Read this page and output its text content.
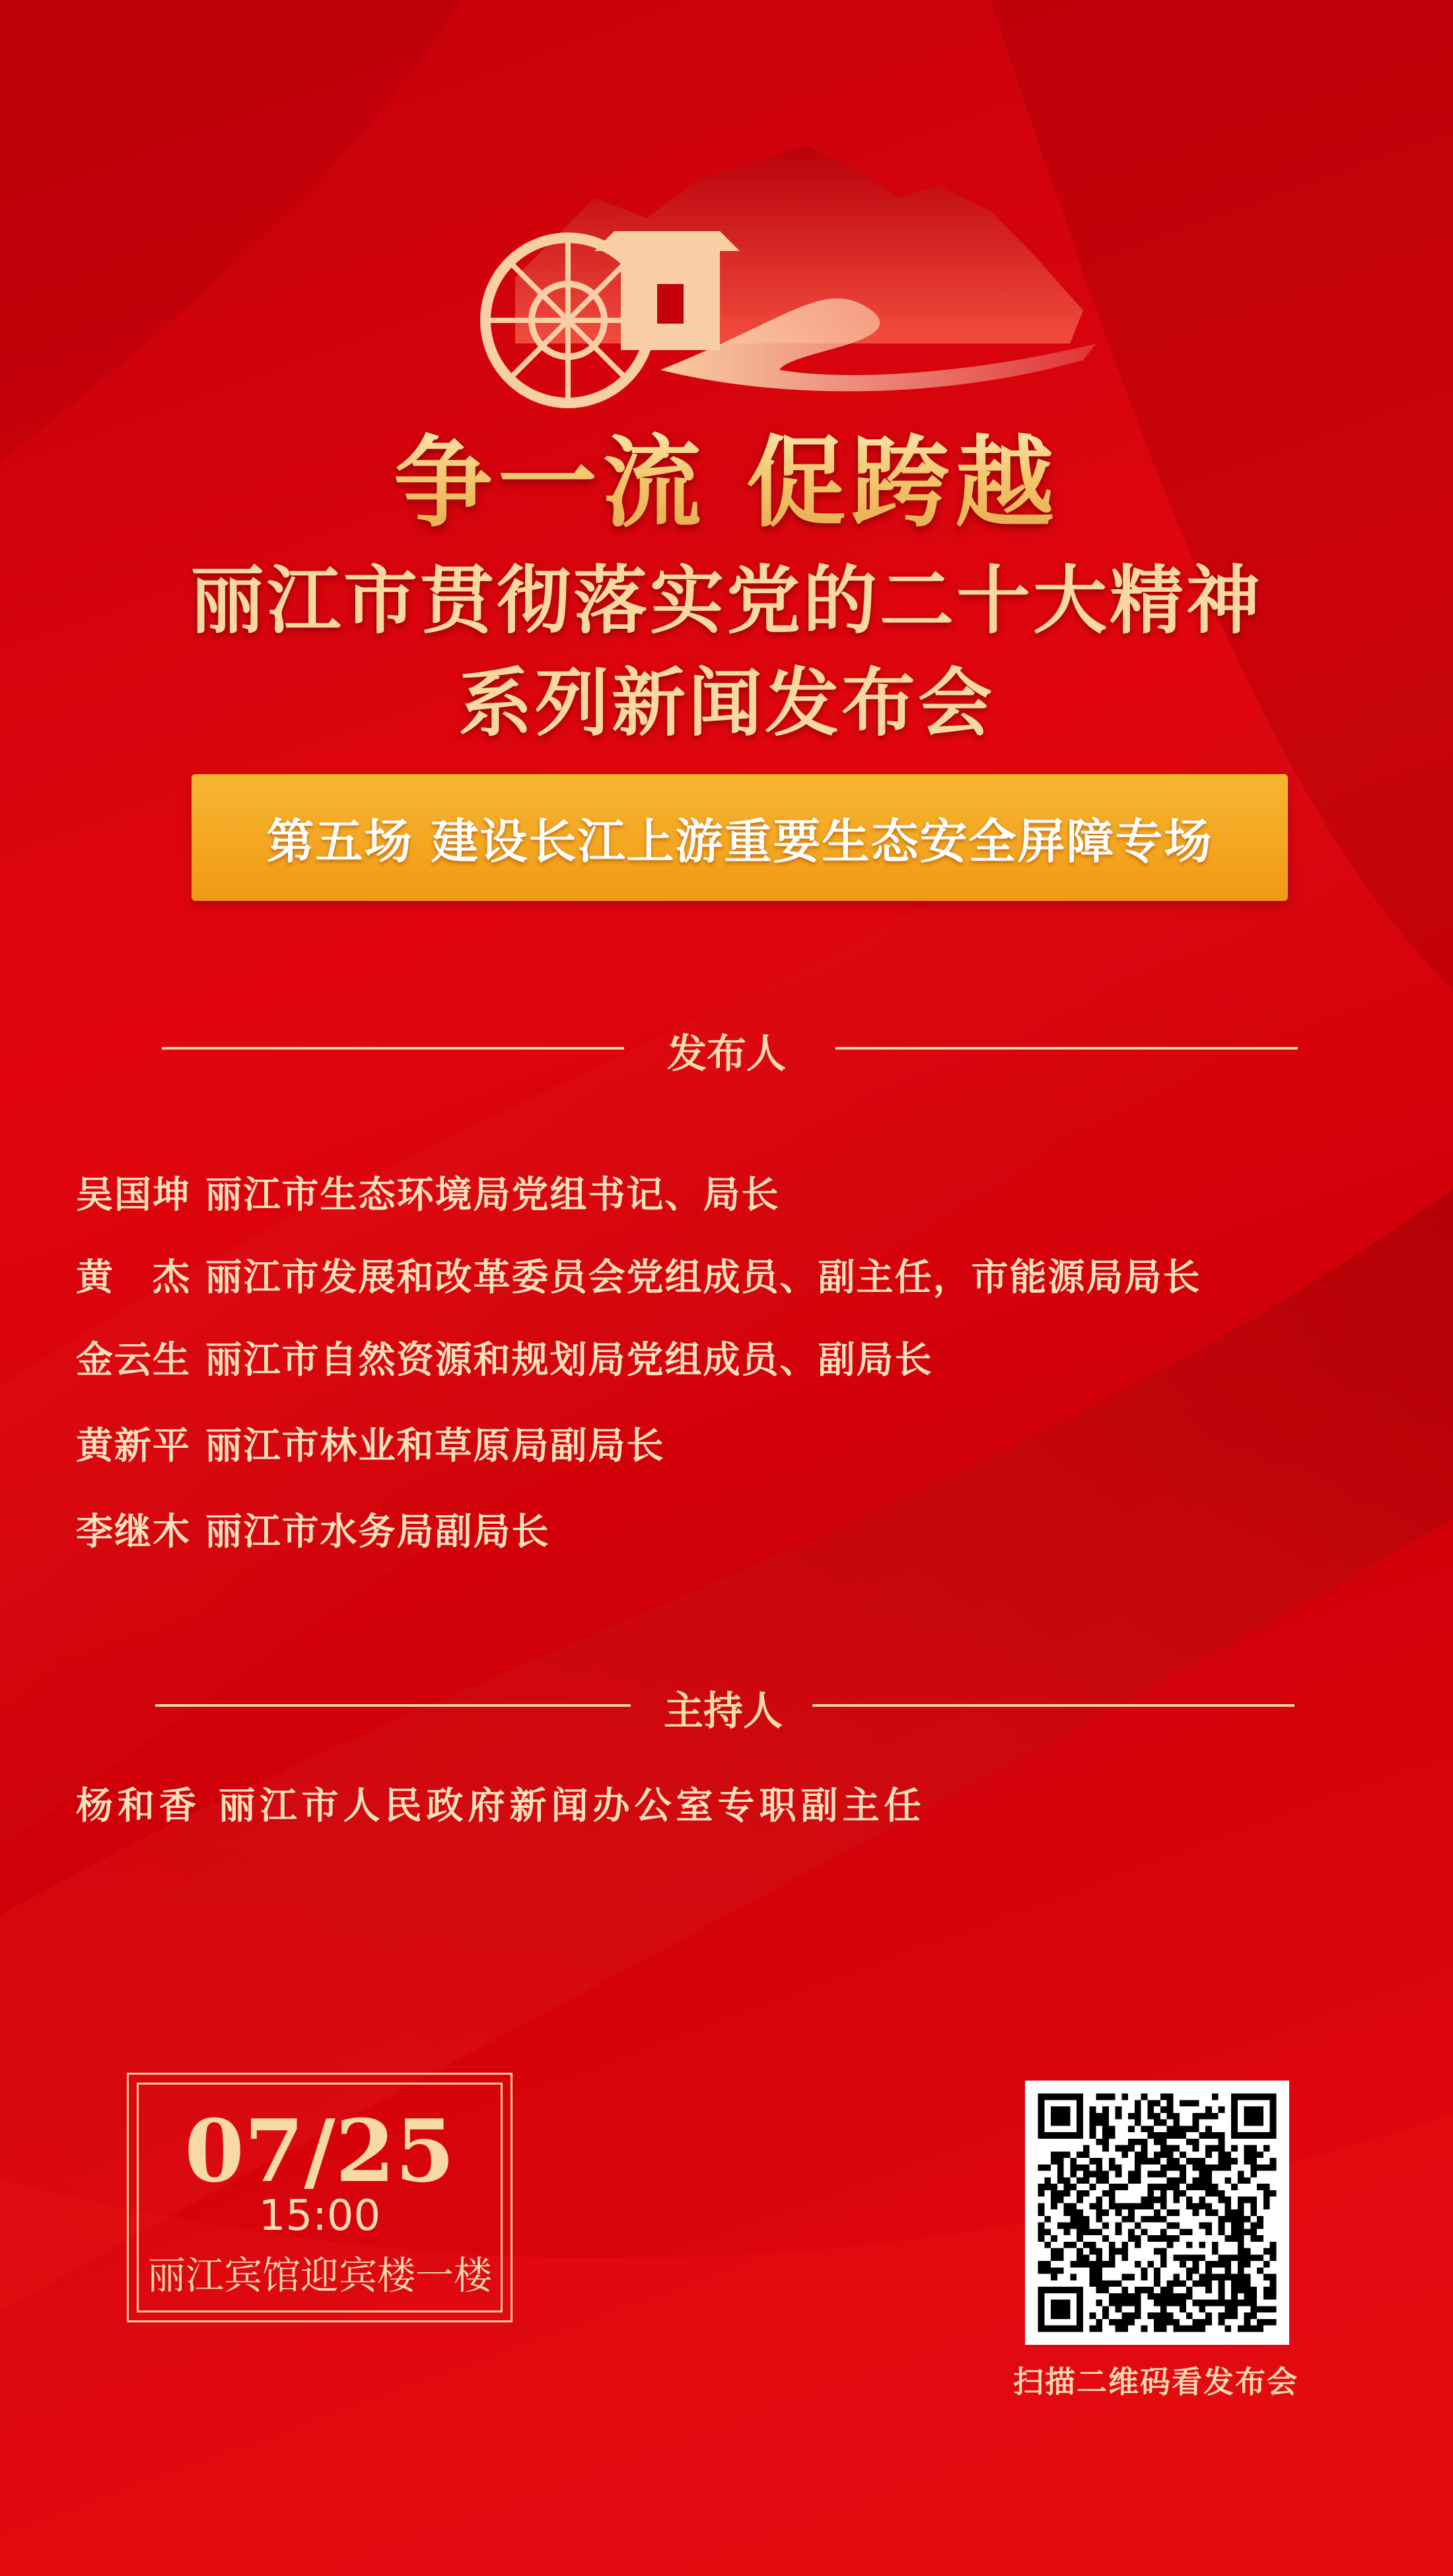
争一流 促跨越
丽江市贯彻落实党的二十大精神
系列新闻发布会
第五场 建设长江上游重要生态安全屏障专场
发布人
吴国坤 丽江市生态环境局党组书记、局长
黄　杰 丽江市发展和改革委员会党组成员、副主任，市能源局局长
金云生 丽江市自然资源和规划局党组成员、副局长
黄新平 丽江市林业和草原局副局长
李继木 丽江市水务局副局长
主持人
杨和香 丽江市人民政府新闻办公室专职副主任
07/25
15:00
丽江宾馆迎宾楼一楼
扫描二维码看发布会
